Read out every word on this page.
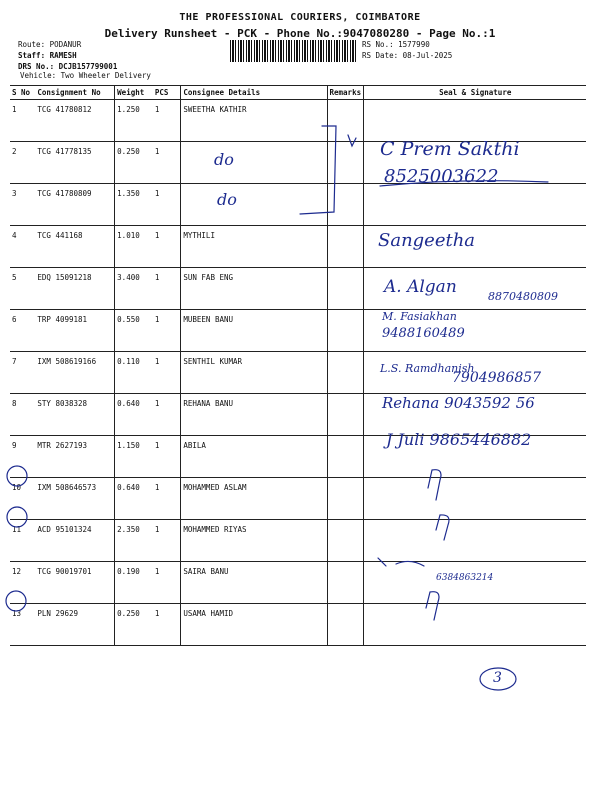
THE PROFESSIONAL COURIERS, COIMBATORE
Delivery Runsheet - PCK - Phone No.:9047080280 - Page No.:1
Route: PODANUR
Staff: RAMESH
DRS No.: DCJB157799001
RS No.: 1577990
RS Date: 08-Jul-2025
Vehicle: Two Wheeler Delivery
S No	Consignment No	Weight	PCS	Consignee Details	Remarks	Seal & Signature
1	TCG 41780812	1.250	1	SWEETHA KATHIR		
2	TCG 41778135	0.250	1			
3	TCG 41780809	1.350	1			
4	TCG 441168	1.010	1	MYTHILI		
5	EDQ 15091218	3.400	1	SUN FAB ENG		
6	TRP 4099181	0.550	1	MUBEEN BANU		
7	IXM 508619166	0.110	1	SENTHIL KUMAR		
8	STY 8038328	0.640	1	REHANA BANU		
9	MTR 2627193	1.150	1	ABILA		
10	IXM 508646573	0.640	1	MOHAMMED ASLAM		
11	ACD 95101324	2.350	1	MOHAMMED RIYAS		
12	TCG 90019701	0.190	1	SAIRA BANU		
13	PLN 29629	0.250	1	USAMA HAMID		
do
do
C Prem Sakthi
8525003622
Sangeetha
A. Algan	8870480809
M. Fasiakhan
9488160489
L.S. Ramdhanish
7904986857
Rehana 9043592 56
J Juli 9865446882
6384863214
3
